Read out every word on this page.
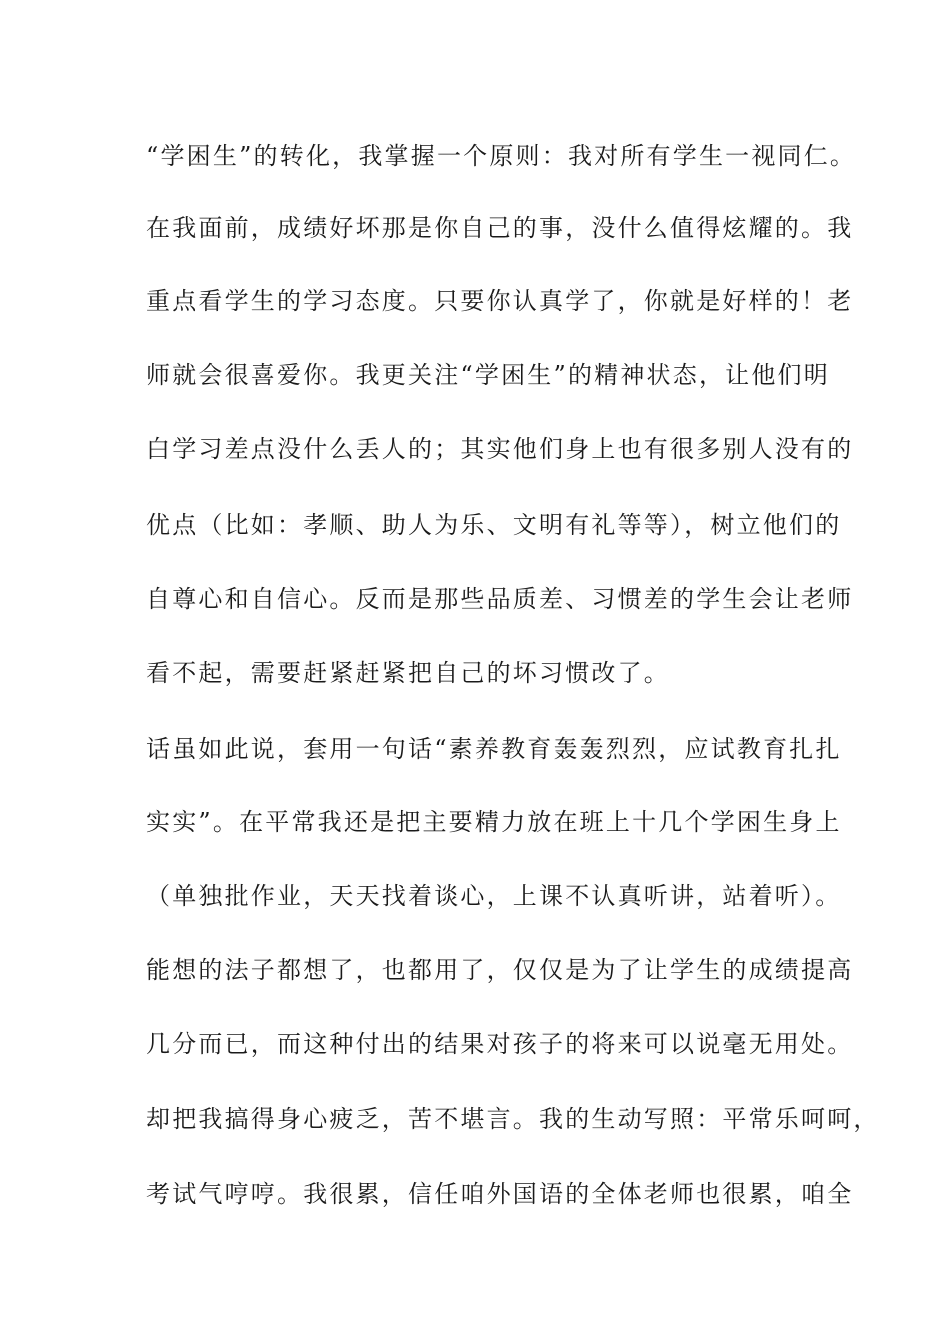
“学困生”的转化，我掌握一个原则：我对所有学生一视同仁。
在我面前，成绩好坏那是你自己的事，没什么值得炫耀的。我
重点看学生的学习态度。只要你认真学了，你就是好样的！老
师就会很喜爱你。我更关注“学困生”的精神状态，让他们明
白学习差点没什么丢人的；其实他们身上也有很多别人没有的
优点（比如：孝顺、助人为乐、文明有礼等等），树立他们的
自尊心和自信心。反而是那些品质差、习惯差的学生会让老师
看不起，需要赶紧赶紧把自己的坏习惯改了。
话虽如此说，套用一句话“素养教育轰轰烈烈，应试教育扎扎
实实”。在平常我还是把主要精力放在班上十几个学困生身上
（单独批作业，天天找着谈心，上课不认真听讲，站着听）。
能想的法子都想了，也都用了，仅仅是为了让学生的成绩提高
几分而已，而这种付出的结果对孩子的将来可以说毫无用处。
却把我搞得身心疲乏，苦不堪言。我的生动写照：平常乐呵呵，
考试气哼哼。我很累，信任咱外国语的全体老师也很累，咱全
